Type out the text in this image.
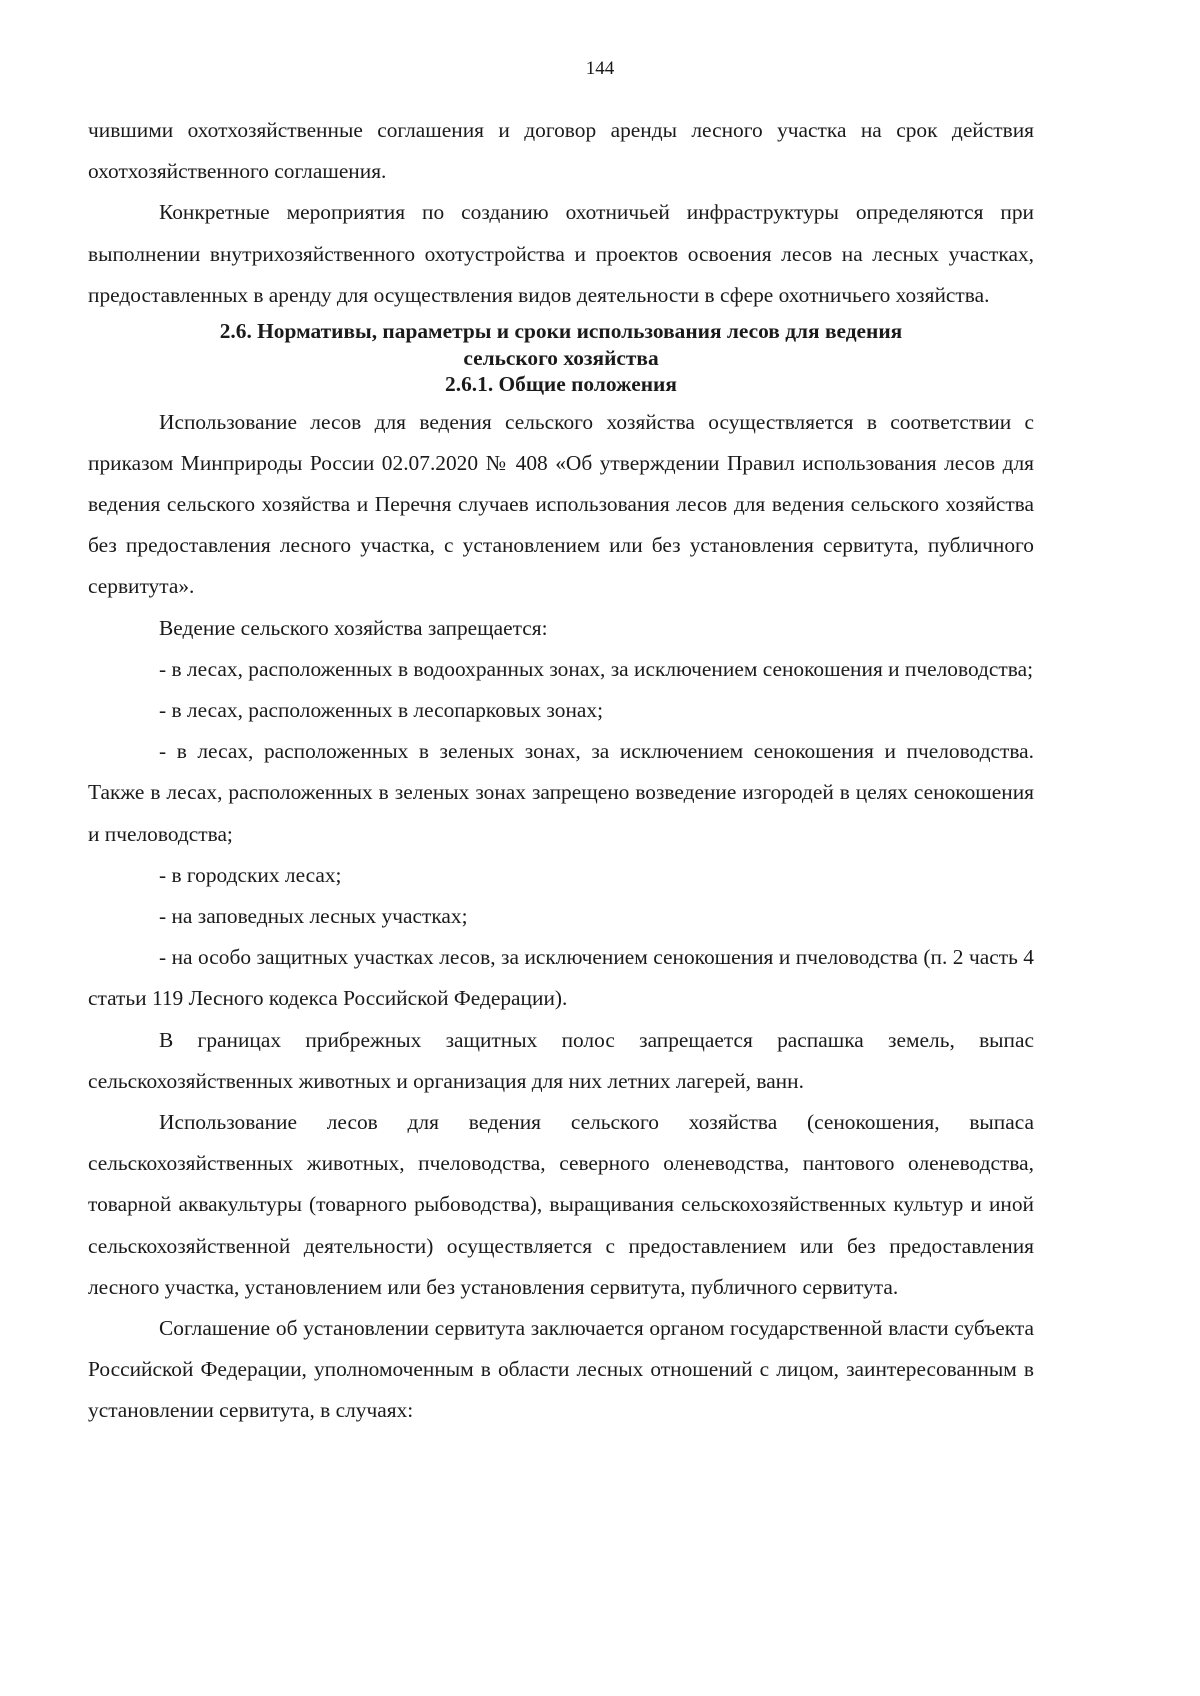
144

чившими охотхозяйственные соглашения и договор аренды лесного участка на срок действия охотхозяйственного соглашения.

Конкретные мероприятия по созданию охотничьей инфраструктуры определяются при выполнении внутрихозяйственного охотустройства и проектов освоения лесов на лесных участках, предоставленных в аренду для осуществления видов деятельности в сфере охотничьего хозяйства.

2.6. Нормативы, параметры и сроки использования лесов для ведения
сельского хозяйства
2.6.1. Общие положения

Использование лесов для ведения сельского хозяйства осуществляется в соответствии с приказом Минприроды России 02.07.2020 № 408 «Об утверждении Правил использования лесов для ведения сельского хозяйства и Перечня случаев использования лесов для ведения сельского хозяйства без предоставления лесного участка, с установлением или без установления сервитута, публичного сервитута».

Ведение сельского хозяйства запрещается:

- в лесах, расположенных в водоохранных зонах, за исключением сенокошения и пчеловодства;

- в лесах, расположенных в лесопарковых зонах;

- в лесах, расположенных в зеленых зонах, за исключением сенокошения и пчеловодства. Также в лесах, расположенных в зеленых зонах запрещено возведение изгородей в целях сенокошения и пчеловодства;

- в городских лесах;

- на заповедных лесных участках;

- на особо защитных участках лесов, за исключением сенокошения и пчеловодства (п. 2 часть 4 статьи 119 Лесного кодекса Российской Федерации).

В границах прибрежных защитных полос запрещается распашка земель, выпас сельскохозяйственных животных и организация для них летних лагерей, ванн.

Использование лесов для ведения сельского хозяйства (сенокошения, выпаса сельскохозяйственных животных, пчеловодства, северного оленеводства, пантового оленеводства, товарной аквакультуры (товарного рыбоводства), выращивания сельскохозяйственных культур и иной сельскохозяйственной деятельности) осуществляется с предоставлением или без предоставления лесного участка, установлением или без установления сервитута, публичного сервитута.

Соглашение об установлении сервитута заключается органом государственной власти субъекта Российской Федерации, уполномоченным в области лесных отношений с лицом, заинтересованным в установлении сервитута, в случаях:
